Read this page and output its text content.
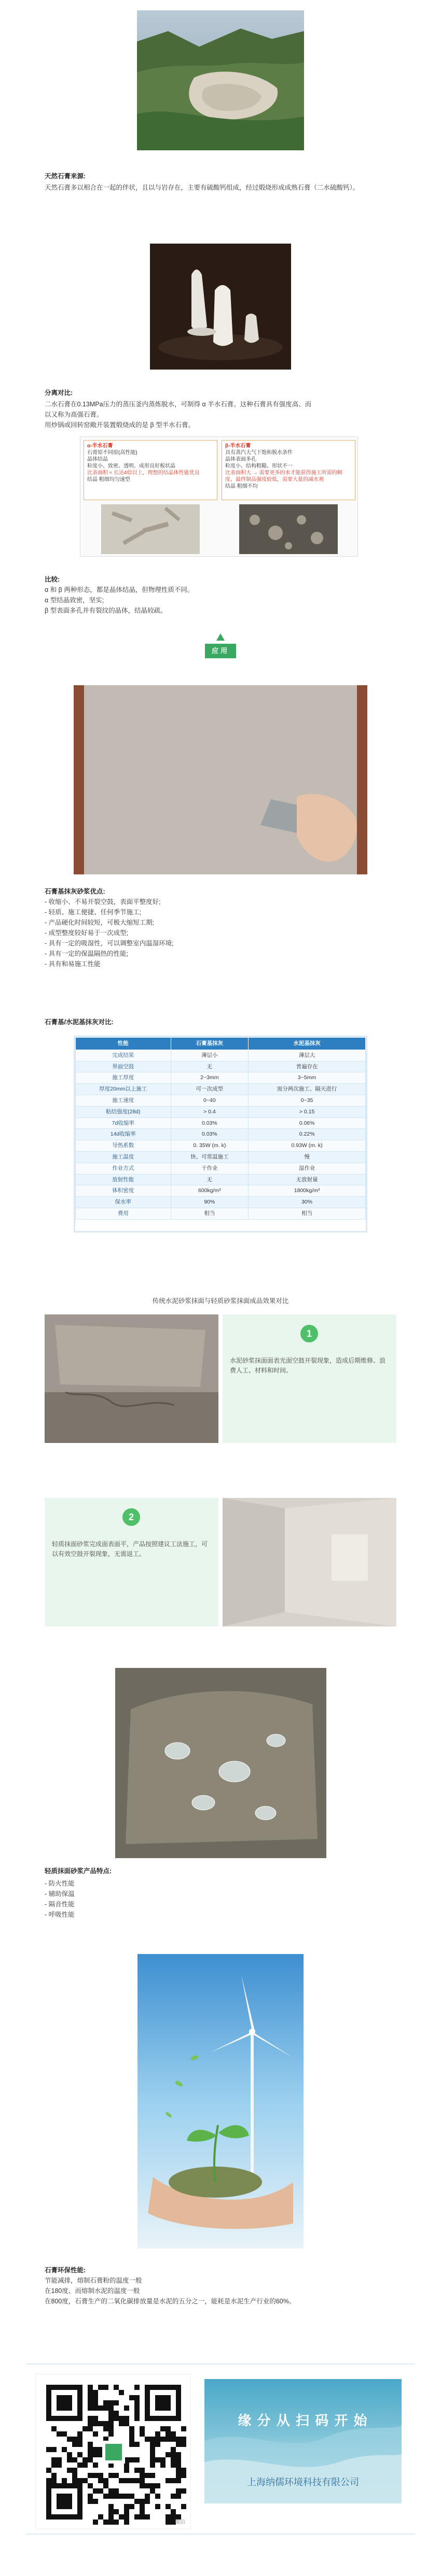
天然石膏来源:
天然石膏多以相合在一起的伴状，且以与岩存在，主要有硫酸钙组成，经过煅烧形成成熟石膏（二水硫酸钙）。
分离对比:
二水石膏在0.13MPa压力的蒸压釜内蒸炼脱水，可制得 α 半水石膏。这种石膏具有强度高、而
以又称为高强石膏。
用炒锅或回转窑敞开装置煅烧成的是 β 型半水石膏。
α-半水石膏
石膏原不同原(高性能)
晶体结晶
粒度小、致密、透明、成形良好板状晶
比表面积 ≈ 长达4倍以上，理想的结晶体性能优良
结晶 粗细均匀速型
β-半水石膏
具有蒸汽大气下饱和脱水条件
晶体表面多孔
粒度小、结构粗糙、形状不一
比表面积大 → 需要更多的水才能获得施工所需的稠度，最终制品强度较低，需要大量的减水剂
结晶 粗细不均
比较:
α 和 β 两种形态，都是晶体结晶，但物理性质不同。
α 型结晶致密，坚实;
β 型表面多孔并有裂纹的晶体，结晶较疏。
应用
石膏基抹灰砂浆优点:
- 收缩小、不易开裂空鼓，表面平整度好;
- 轻质、施工便捷、任何季节施工;
- 产品硬化时间较短，可极大缩短工期;
- 成型整度较好易于一次成型;
- 具有一定的吸湿性，可以调整室内温湿环境;
- 具有一定的保温隔热的性能;
- 具有和易施工性能
石膏基/水泥基抹灰对比:
性能	石膏基抹灰	水泥基抹灰
完成结果	薄层小	薄层大
界面空鼓	无	普遍存在
施工厚度	2~3mm	3~5mm
厚度20mm以上施工	可一次成型	需分两次施工、隔天进行
施工速度	0~40	0~35
粘结强度(28d)	> 0.4	> 0.15
7d收缩率	0.03%	0.06%
14d收缩率	0.03%	0.22%
导热系数	0. 35W (m. k)	0.93W (m. k)
施工温度	快、可常温施工	慢
作业方式	干作业	湿作业
放射性能	无	无放射量
体积密度	600kg/m³	1800kg/m³
保水率	90%	30%
费用	相当	相当
传统水泥砂浆抹面与轻质砂浆抹面成品效果对比
1
水泥砂浆抹面面表光面空鼓开裂现象，造成后期维修、浪费人工、材料和时间。
2
轻质抹面砂浆完成面表面平，产品按照建议工法施工，可以有效空鼓开裂现象，无需返工。
轻质抹面砂浆产品特点:
- 防火性能
- 辅助保温
- 隔音性能
- 呼吸性能
石膏环保性能:
节能减排，熔制石膏粉的温度一般
在180度、而熔制水泥的温度一般
在800度，石膏生产的二氧化碳排放量是水泥的五分之一，能耗是水泥生产行业的60%。
微信
缘 分 从 扫 码 开 始
上海纳儒环境科技有限公司
